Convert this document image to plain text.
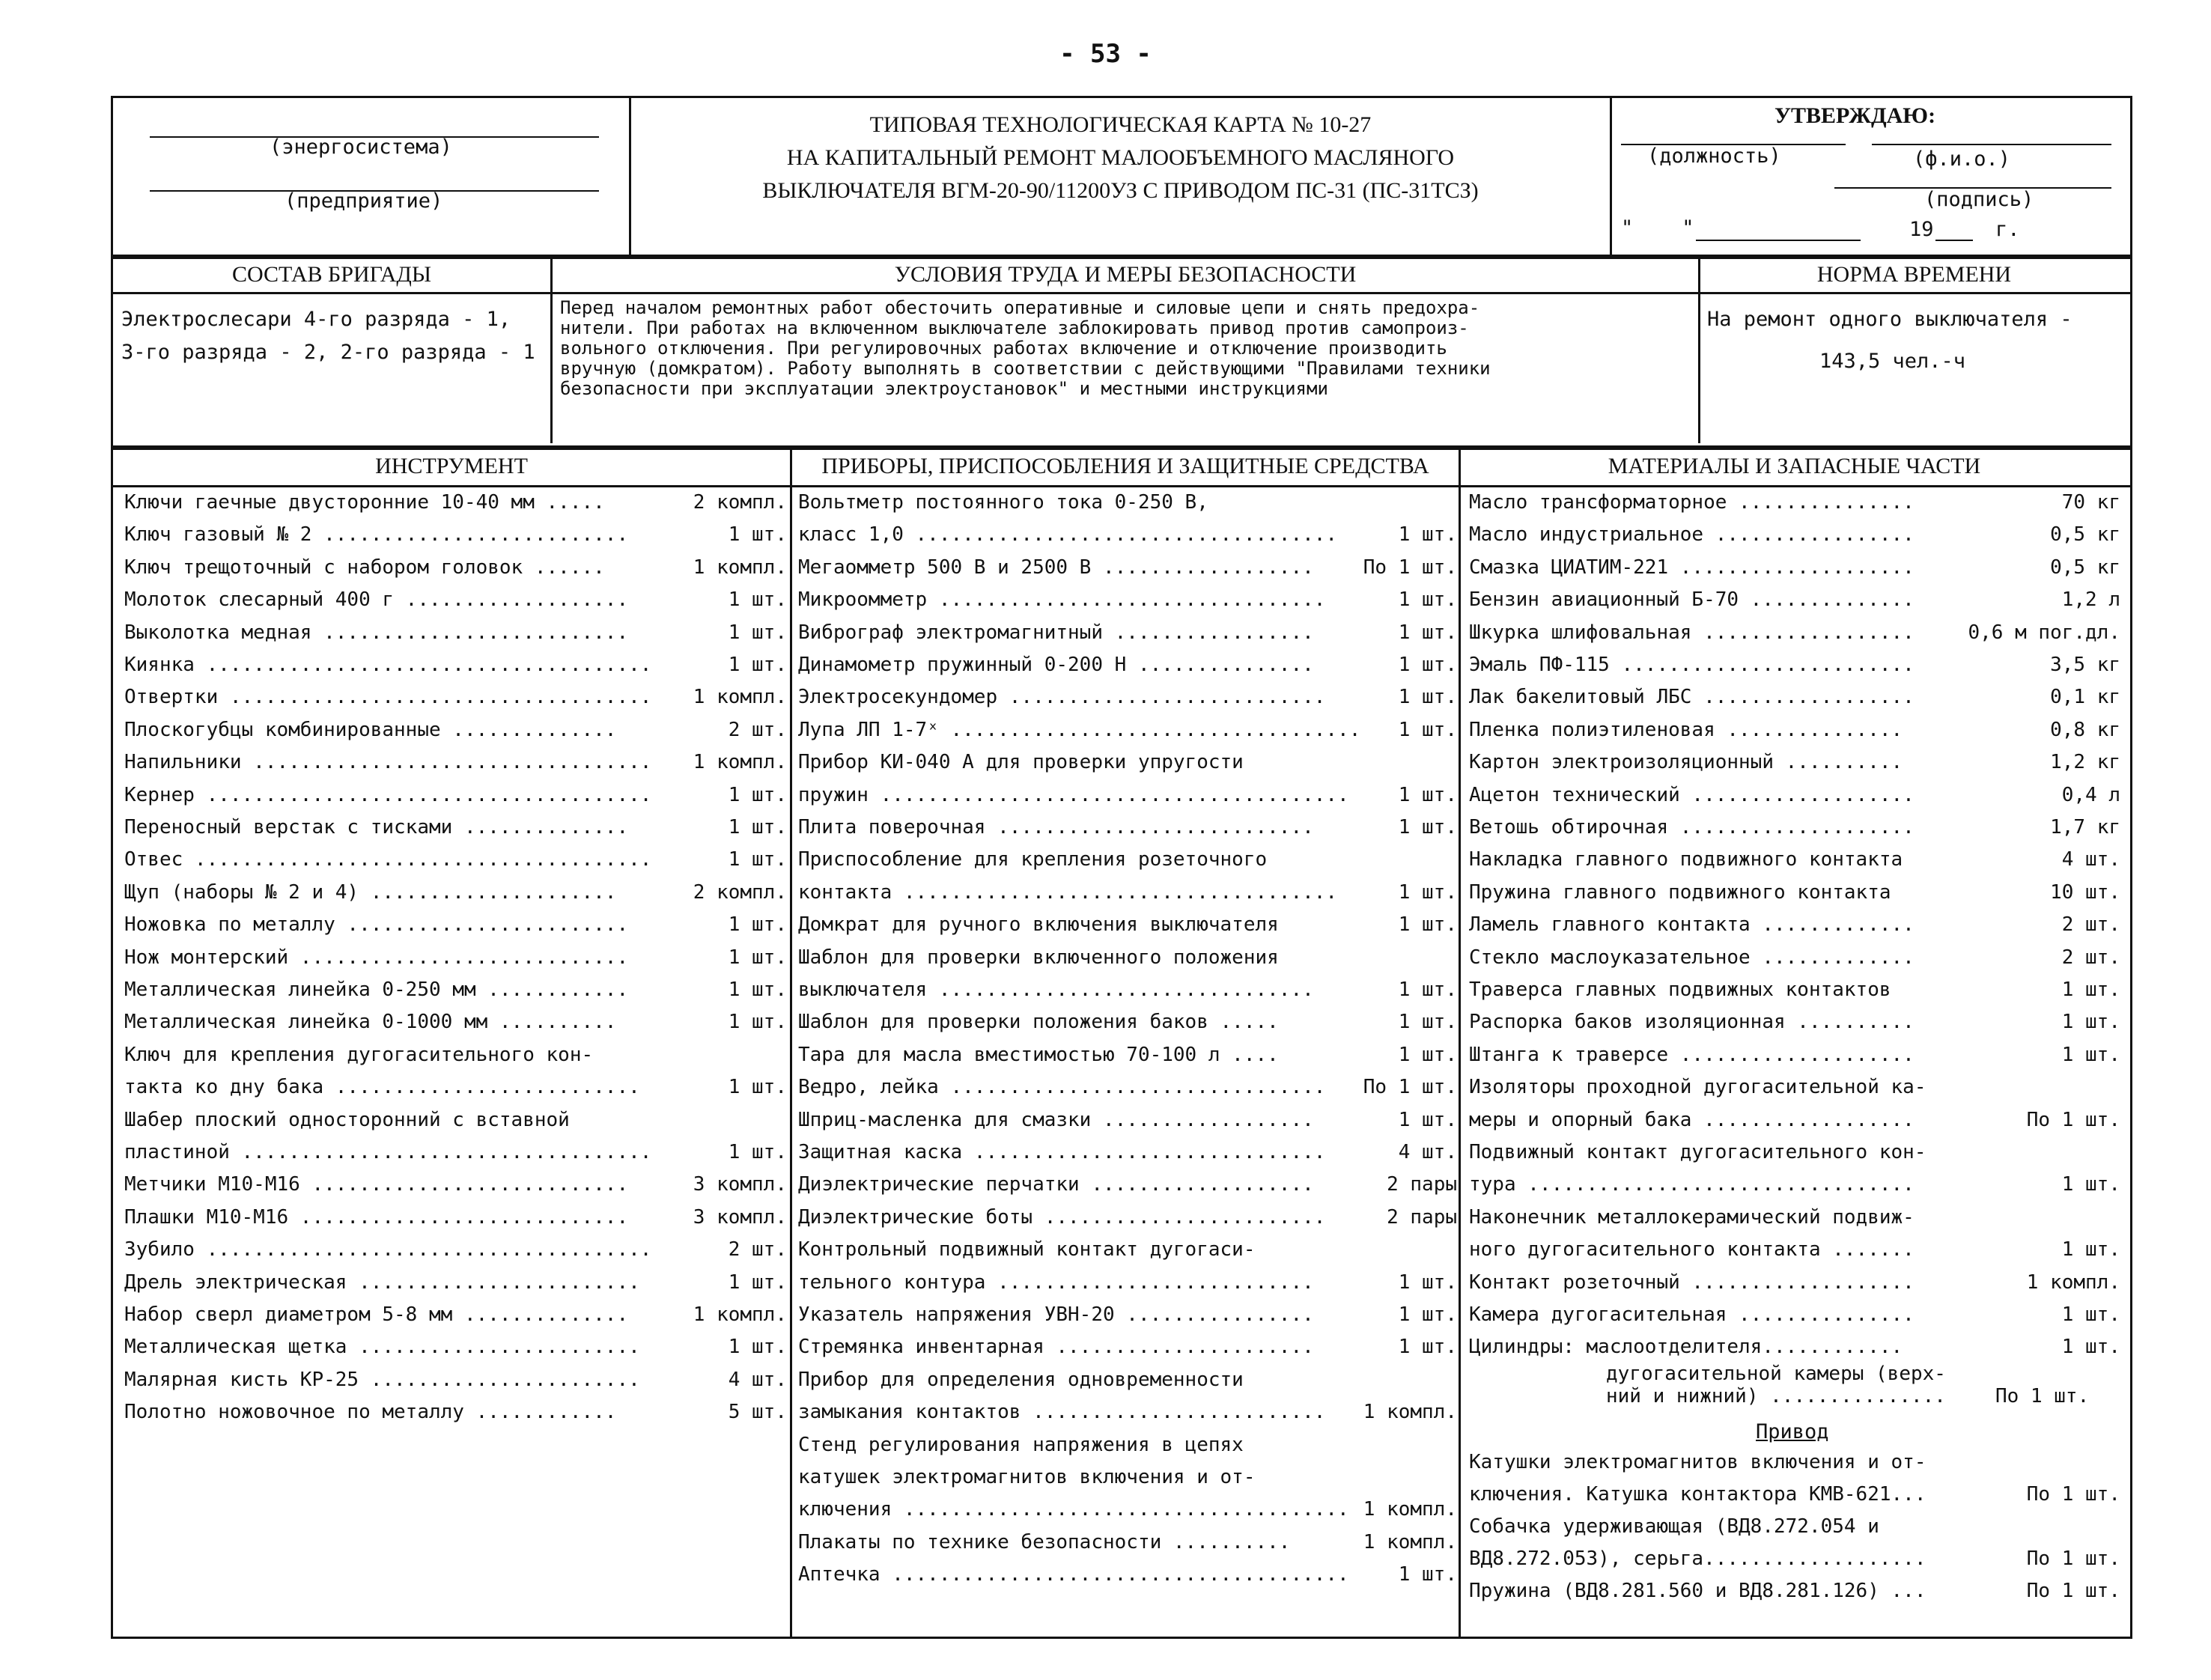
- 53 -
(энергосистема)
(предприятие)
ТИПОВАЯ ТЕХНОЛОГИЧЕСКАЯ КАРТА № 10-27
НА КАПИТАЛЬНЫЙ РЕМОНТ МАЛООБЪЕМНОГО МАСЛЯНОГО
ВЫКЛЮЧАТЕЛЯ ВГМ-20-90/11200УЗ С ПРИВОДОМ ПС-31 (ПС-31ТСЗ)
УТВЕРЖДАЮ:
(должность)	(ф.и.о.)
(подпись)
"    "	19	г.
СОСТАВ БРИГАДЫ
Электрослесари 4-го разряда - 1,
3-го разряда - 2, 2-го разряда - 1
УСЛОВИЯ ТРУДА И МЕРЫ БЕЗОПАСНОСТИ
Перед началом ремонтных работ обесточить оперативные и силовые цепи и снять предохра-
нители. При работах на включенном выключателе заблокировать привод против самопроиз-
вольного отключения. При регулировочных работах включение и отключение производить
вручную (домкратом). Работу выполнять в соответствии с действующими "Правилами техники
безопасности при эксплуатации электроустановок" и местными инструкциями
НОРМА ВРЕМЕНИ
На ремонт одного выключателя -
143,5 чел.-ч
ИНСТРУМЕНТ	ПРИБОРЫ, ПРИСПОСОБЛЕНИЯ И ЗАЩИТНЫЕ СРЕДСТВА	МАТЕРИАЛЫ И ЗАПАСНЫЕ ЧАСТИ
Ключи гаечные двусторонние 10-40 мм .....	2 компл.
Ключ газовый № 2 ..........................	1 шт.
Ключ трещоточный с набором головок ......	1 компл.
Молоток слесарный 400 г ...................	1 шт.
Выколотка медная ..........................	1 шт.
Киянка ......................................	1 шт.
Отвертки ....................................	1 компл.
Плоскогубцы комбинированные ..............	2 шт.
Напильники ..................................	1 компл.
Кернер ......................................	1 шт.
Переносный верстак с тисками ..............	1 шт.
Отвес .......................................	1 шт.
Щуп (наборы № 2 и 4) .....................	2 компл.
Ножовка по металлу ........................	1 шт.
Нож монтерский ............................	1 шт.
Металлическая линейка 0-250 мм ............	1 шт.
Металлическая линейка 0-1000 мм ..........	1 шт.
Ключ для крепления дугогасительного кон-
такта ко дну бака ..........................	1 шт.
Шабер плоский односторонний с вставной
пластиной ...................................	1 шт.
Метчики М10-М16 ...........................	3 компл.
Плашки М10-М16 ............................	3 компл.
Зубило ......................................	2 шт.
Дрель электрическая ........................	1 шт.
Набор сверл диаметром 5-8 мм ..............	1 компл.
Металлическая щетка ........................	1 шт.
Малярная кисть КР-25 .......................	4 шт.
Полотно ножовочное по металлу ............	5 шт.
Вольтметр постоянного тока 0-250 В,
класс 1,0 ....................................	1 шт.
Мегаомметр 500 В и 2500 В ..................	По 1 шт.
Микроомметр .................................	1 шт.
Виброграф электромагнитный .................	1 шт.
Динамометр пружинный 0-200 Н ...............	1 шт.
Электросекундомер ...........................	1 шт.
Лупа ЛП 1-7ˣ ...................................	1 шт.
Прибор КИ-040 А для проверки упругости
пружин ........................................	1 шт.
Плита поверочная ...........................	1 шт.
Приспособление для крепления розеточного
контакта .....................................	1 шт.
Домкрат для ручного включения выключателя	1 шт.
Шаблон для проверки включенного положения
выключателя ................................	1 шт.
Шаблон для проверки положения баков .....	1 шт.
Тара для масла вместимостью 70-100 л ....	1 шт.
Ведро, лейка ................................	По 1 шт.
Шприц-масленка для смазки ..................	1 шт.
Защитная каска ..............................	4 шт.
Диэлектрические перчатки ...................	2 пары
Диэлектрические боты ........................	2 пары
Контрольный подвижный контакт дугогаси-
тельного контура ...........................	1 шт.
Указатель напряжения УВН-20 ................	1 шт.
Стремянка инвентарная ......................	1 шт.
Прибор для определения одновременности
замыкания контактов .........................	1 компл.
Стенд регулирования напряжения в цепях
катушек электромагнитов включения и от-
ключения ...................................... 1 компл.
Плакаты по технике безопасности ..........	1 компл.
Аптечка .......................................	1 шт.
Масло трансформаторное ...............	70 кг
Масло индустриальное .................	0,5 кг
Смазка ЦИАТИМ-221 ....................	0,5 кг
Бензин авиационный Б-70 ..............	1,2 л
Шкурка шлифовальная ..................	0,6 м пог.дл.
Эмаль ПФ-115 .........................	3,5 кг
Лак бакелитовый ЛБС ..................	0,1 кг
Пленка полиэтиленовая ...............	0,8 кг
Картон электроизоляционный ..........	1,2 кг
Ацетон технический ...................	0,4 л
Ветошь обтирочная ....................	1,7 кг
Накладка главного подвижного контакта	4 шт.
Пружина главного подвижного контакта	10 шт.
Ламель главного контакта .............	2 шт.
Стекло маслоуказательное .............	2 шт.
Траверса главных подвижных контактов	1 шт.
Распорка баков изоляционная ..........	1 шт.
Штанга к траверсе ....................	1 шт.
Изоляторы проходной дугогасительной ка-
меры и опорный бака ..................	По 1 шт.
Подвижный контакт дугогасительного кон-
тура .................................	1 шт.
Наконечник металлокерамический подвиж-
ного дугогасительного контакта .......	1 шт.
Контакт розеточный ...................	1 компл.
Камера дугогасительная ...............	1 шт.
Цилиндры: маслоотделителя............	1 шт.
дугогасительной камеры (верх-
ний и нижний) ...............	По 1 шт.
Привод
Катушки электромагнитов включения и от-
ключения. Катушка контактора КМВ-621...	По 1 шт.
Собачка удерживающая (ВД8.272.054 и
ВД8.272.053), серьга...................	По 1 шт.
Пружина (ВД8.281.560 и ВД8.281.126) ...	По 1 шт.
